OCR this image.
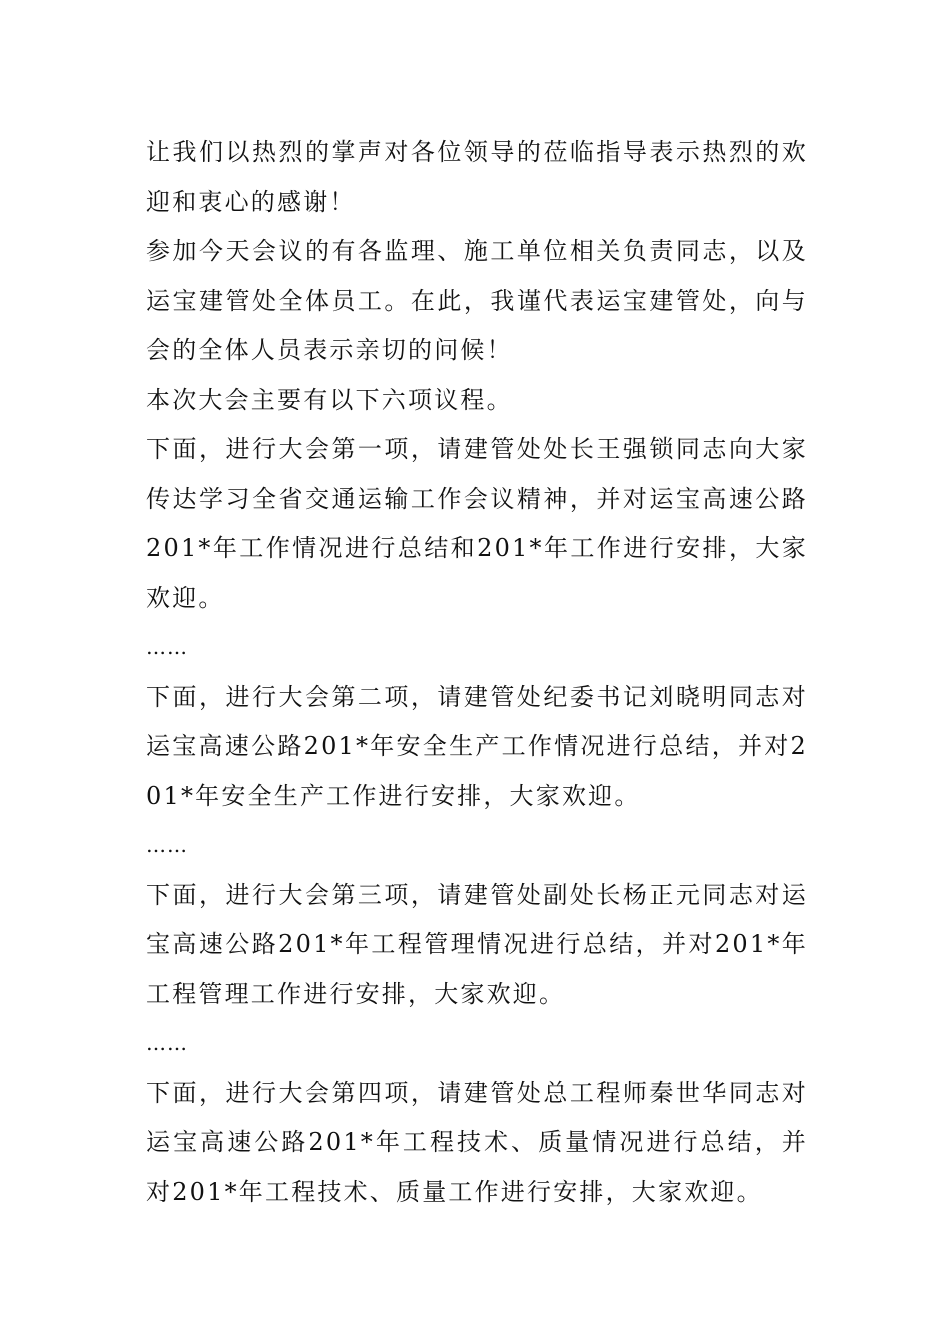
让我们以热烈的掌声对各位领导的莅临指导表示热烈的欢迎和衷心的感谢！

参加今天会议的有各监理、施工单位相关负责同志，以及运宝建管处全体员工。在此，我谨代表运宝建管处，向与会的全体人员表示亲切的问候！

本次大会主要有以下六项议程。

下面，进行大会第一项，请建管处处长王强锁同志向大家传达学习全省交通运输工作会议精神，并对运宝高速公路201*年工作情况进行总结和201*年工作进行安排，大家欢迎。

……

下面，进行大会第二项，请建管处纪委书记刘晓明同志对运宝高速公路201*年安全生产工作情况进行总结，并对201*年安全生产工作进行安排，大家欢迎。

……

下面，进行大会第三项，请建管处副处长杨正元同志对运宝高速公路201*年工程管理情况进行总结，并对201*年工程管理工作进行安排，大家欢迎。

……

下面，进行大会第四项，请建管处总工程师秦世华同志对运宝高速公路201*年工程技术、质量情况进行总结，并对201*年工程技术、质量工作进行安排，大家欢迎。
